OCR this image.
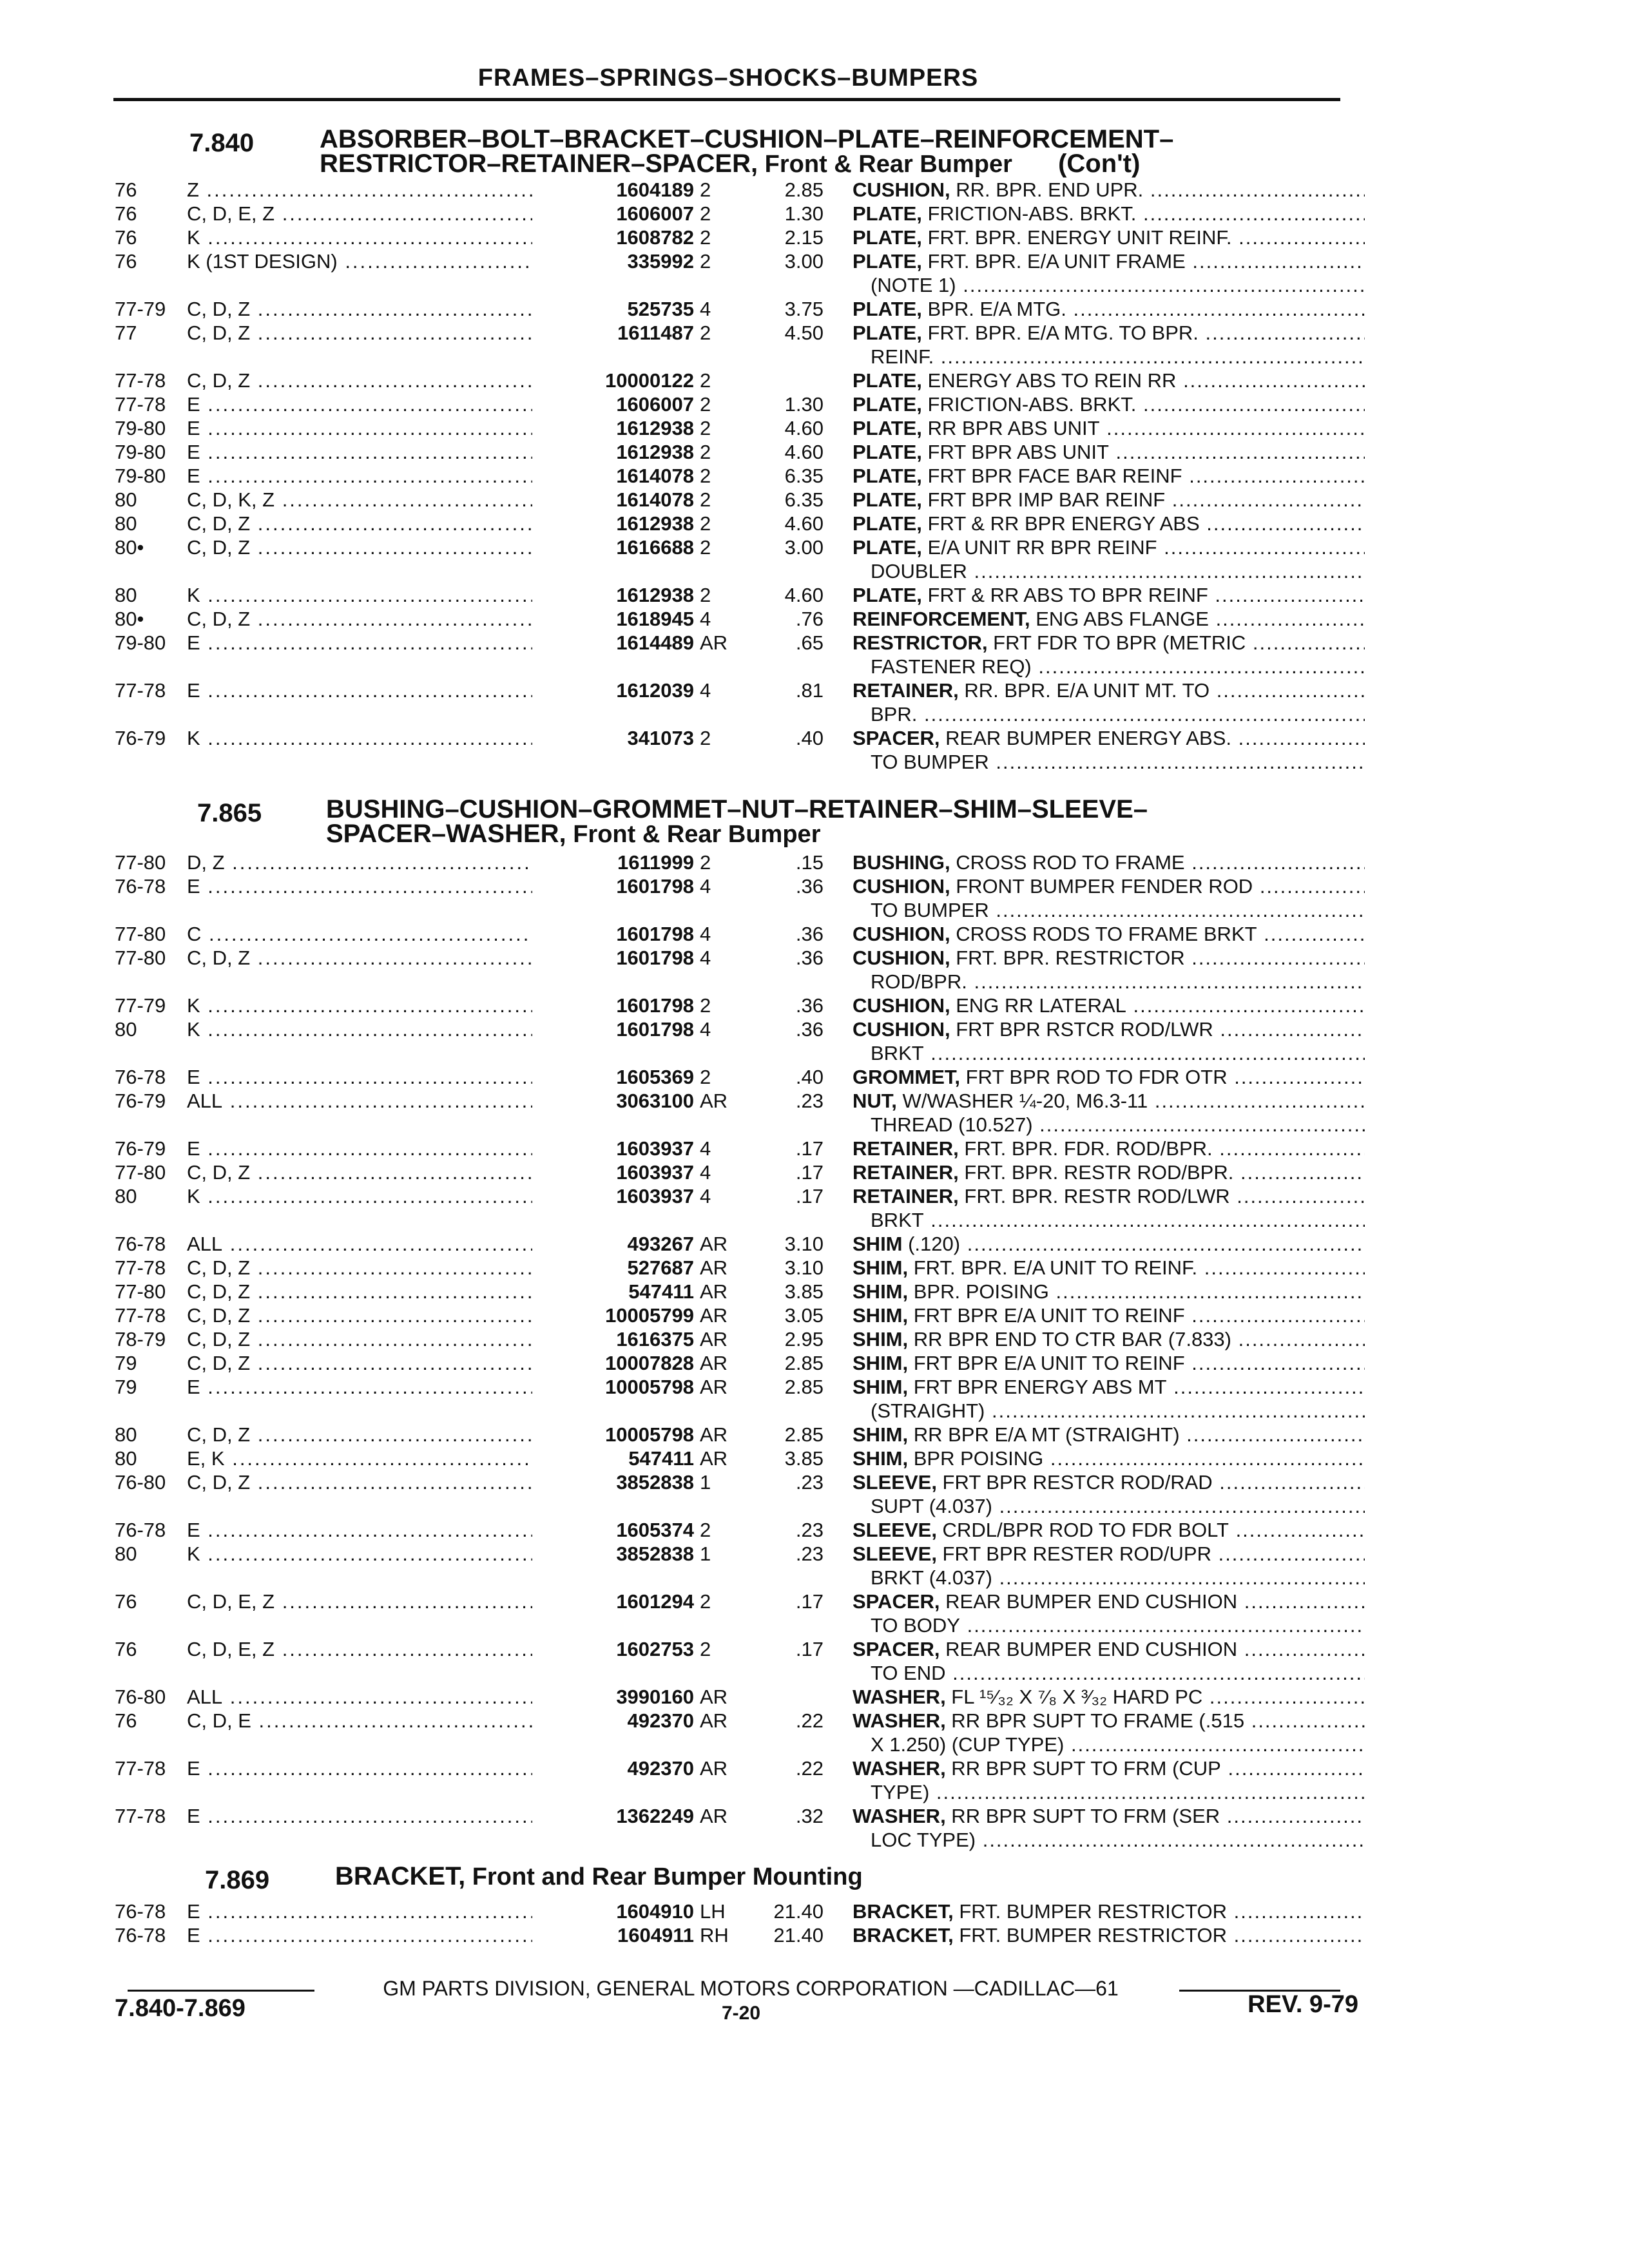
FRAMES–SPRINGS–SHOCKS–BUMPERS
7.840	ABSORBER–BOLT–BRACKET–CUSHION–PLATE–REINFORCEMENT–
RESTRICTOR–RETAINER–SPACER, Front & Rear Bumper (Con't)
76	Z .....	1604189 2	2.85 CUSHION, RR. BPR. END UPR. .....
76	C, D, E, Z .....	1606007 2	1.30 PLATE, FRICTION-ABS. BRKT. .....
76	K .....	1608782 2	2.15 PLATE, FRT. BPR. ENERGY UNIT REINF. .....
76	K (1ST DESIGN) .....	335992 2	3.00 PLATE, FRT. BPR. E/A UNIT FRAME .....
(NOTE 1) .....
77-79	C, D, Z .....	525735 4	3.75 PLATE, BPR. E/A MTG. .....
77	C, D, Z .....	1611487 2	4.50 PLATE, FRT. BPR. E/A MTG. TO BPR. .....
REINF. .....
77-78	C, D, Z .....	10000122 2	PLATE, ENERGY ABS TO REIN RR .....
77-78	E .....	1606007 2	1.30 PLATE, FRICTION-ABS. BRKT. .....
79-80	E .....	1612938 2	4.60 PLATE, RR BPR ABS UNIT .....
79-80	E .....	1612938 2	4.60 PLATE, FRT BPR ABS UNIT .....
79-80	E .....	1614078 2	6.35 PLATE, FRT BPR FACE BAR REINF .....
80	C, D, K, Z .....	1614078 2	6.35 PLATE, FRT BPR IMP BAR REINF .....
80	C, D, Z .....	1612938 2	4.60 PLATE, FRT & RR BPR ENERGY ABS .....
80•	C, D, Z .....	1616688 2	3.00 PLATE, E/A UNIT RR BPR REINF .....
DOUBLER .....
80	K .....	1612938 2	4.60 PLATE, FRT & RR ABS TO BPR REINF .....
80•	C, D, Z .....	1618945 4	.76 REINFORCEMENT, ENG ABS FLANGE .....
79-80	E .....	1614489 AR	.65 RESTRICTOR, FRT FDR TO BPR (METRIC .....
FASTENER REQ) .....
77-78	E .....	1612039 4	.81 RETAINER, RR. BPR. E/A UNIT MT. TO .....
BPR. .....
76-79	K .....	341073 2	.40 SPACER, REAR BUMPER ENERGY ABS. .....
TO BUMPER .....
7.865 BUSHING–CUSHION–GROMMET–NUT–RETAINER–SHIM–SLEEVE–
SPACER–WASHER, Front & Rear Bumper
77-80	D, Z .....	1611999 2	.15 BUSHING, CROSS ROD TO FRAME .....
76-78	E .....	1601798 4	.36 CUSHION, FRONT BUMPER FENDER ROD .....
TO BUMPER .....
77-80	C .....	1601798 4	.36 CUSHION, CROSS RODS TO FRAME BRKT .....
77-80	C, D, Z .....	1601798 4	.36 CUSHION, FRT. BPR. RESTRICTOR .....
ROD/BPR. .....
77-79	K .....	1601798 2	.36 CUSHION, ENG RR LATERAL .....
80	K .....	1601798 4	.36 CUSHION, FRT BPR RSTCR ROD/LWR .....
BRKT .....
76-78	E .....	1605369 2	.40 GROMMET, FRT BPR ROD TO FDR OTR .....
76-79	ALL .....	3063100 AR	.23 NUT, W/WASHER ¼-20, M6.3-11 .....
THREAD (10.527) .....
76-79	E .....	1603937 4	.17 RETAINER, FRT. BPR. FDR. ROD/BPR. .....
77-80	C, D, Z .....	1603937 4	.17 RETAINER, FRT. BPR. RESTR ROD/BPR. .....
80	K .....	1603937 4	.17 RETAINER, FRT. BPR. RESTR ROD/LWR .....
BRKT .....
76-78	ALL .....	493267 AR	3.10 SHIM (.120) .....
77-78	C, D, Z .....	527687 AR	3.10 SHIM, FRT. BPR. E/A UNIT TO REINF. .....
77-80	C, D, Z .....	547411 AR	3.85 SHIM, BPR. POISING .....
77-78	C, D, Z .....	10005799 AR	3.05 SHIM, FRT BPR E/A UNIT TO REINF .....
78-79	C, D, Z .....	1616375 AR	2.95 SHIM, RR BPR END TO CTR BAR (7.833) .....
79	C, D, Z .....	10007828 AR	2.85 SHIM, FRT BPR E/A UNIT TO REINF .....
79	E .....	10005798 AR	2.85 SHIM, FRT BPR ENERGY ABS MT .....
(STRAIGHT) .....
80	C, D, Z .....	10005798 AR	2.85 SHIM, RR BPR E/A MT (STRAIGHT) .....
80	E, K .....	547411 AR	3.85 SHIM, BPR POISING .....
76-80	C, D, Z .....	3852838 1	.23 SLEEVE, FRT BPR RESTCR ROD/RAD .....
SUPT (4.037) .....
76-78	E .....	1605374 2	.23 SLEEVE, CRDL/BPR ROD TO FDR BOLT .....
80	K .....	3852838 1	.23 SLEEVE, FRT BPR RESTER ROD/UPR .....
BRKT (4.037) .....
76	C, D, E, Z .....	1601294 2	.17 SPACER, REAR BUMPER END CUSHION .....
TO BODY .....
76	C, D, E, Z .....	1602753 2	.17 SPACER, REAR BUMPER END CUSHION .....
TO END .....
76-80	ALL .....	3990160 AR	WASHER, FL ¹⁵⁄₃₂ X ⁷⁄₈ X ³⁄₃₂ HARD PC .....
76	C, D, E .....	492370 AR	.22 WASHER, RR BPR SUPT TO FRAME (.515 .....
X 1.250) (CUP TYPE) .....
77-78	E .....	492370 AR	.22 WASHER, RR BPR SUPT TO FRM (CUP .....
TYPE) .....
77-78	E .....	1362249 AR	.32 WASHER, RR BPR SUPT TO FRM (SER .....
LOC TYPE) .....
7.869	BRACKET, Front and Rear Bumper Mounting
76-78	E .....	1604910 LH	21.40 BRACKET, FRT. BUMPER RESTRICTOR .....
76-78	E .....	1604911 RH	21.40 BRACKET, FRT. BUMPER RESTRICTOR .....
GM PARTS DIVISION, GENERAL MOTORS CORPORATION —CADILLAC—61
7.840-7.869	7-20	REV. 9-79
